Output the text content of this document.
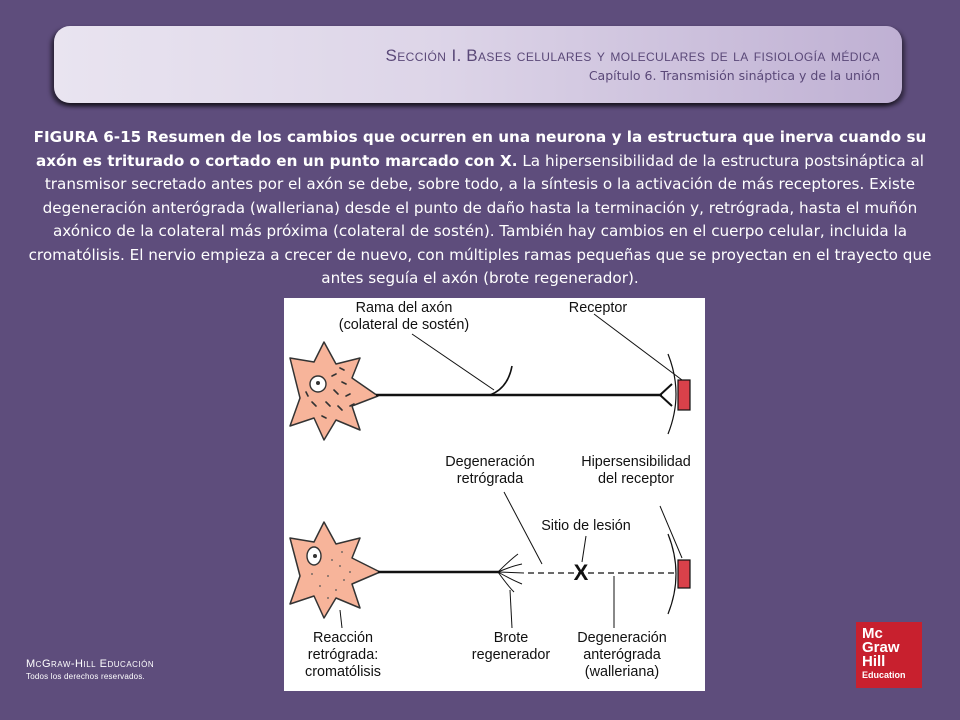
Sección I. Bases celulares y moleculares de la fisiología médica
Capítulo 6. Transmisión sináptica y de la unión
FIGURA 6-15 Resumen de los cambios que ocurren en una neurona y la estructura que inerva cuando su axón es triturado o cortado en un punto marcado con X. La hipersensibilidad de la estructura postsináptica al transmisor secretado antes por el axón se debe, sobre todo, a la síntesis o la activación de más receptores. Existe degeneración anterógrada (walleriana) desde el punto de daño hasta la terminación y, retrógrada, hasta el muñón axónico de la colateral más próxima (colateral de sostén). También hay cambios en el cuerpo celular, incluida la cromatólisis. El nervio empieza a crecer de nuevo, con múltiples ramas pequeñas que se proyectan en el trayecto que antes seguía el axón (brote regenerador).
Rama del axón
(colateral de sostén)
Receptor
Degeneración
retrógrada
Hipersensibilidad
del receptor
Sitio de lesión
X
Reacción
retrógrada:
cromatólisis
Brote
regenerador
Degeneración
anterógrada
(walleriana)
McGraw-Hill Educación
Todos los derechos reservados.
Mc
Graw
Hill
Education
